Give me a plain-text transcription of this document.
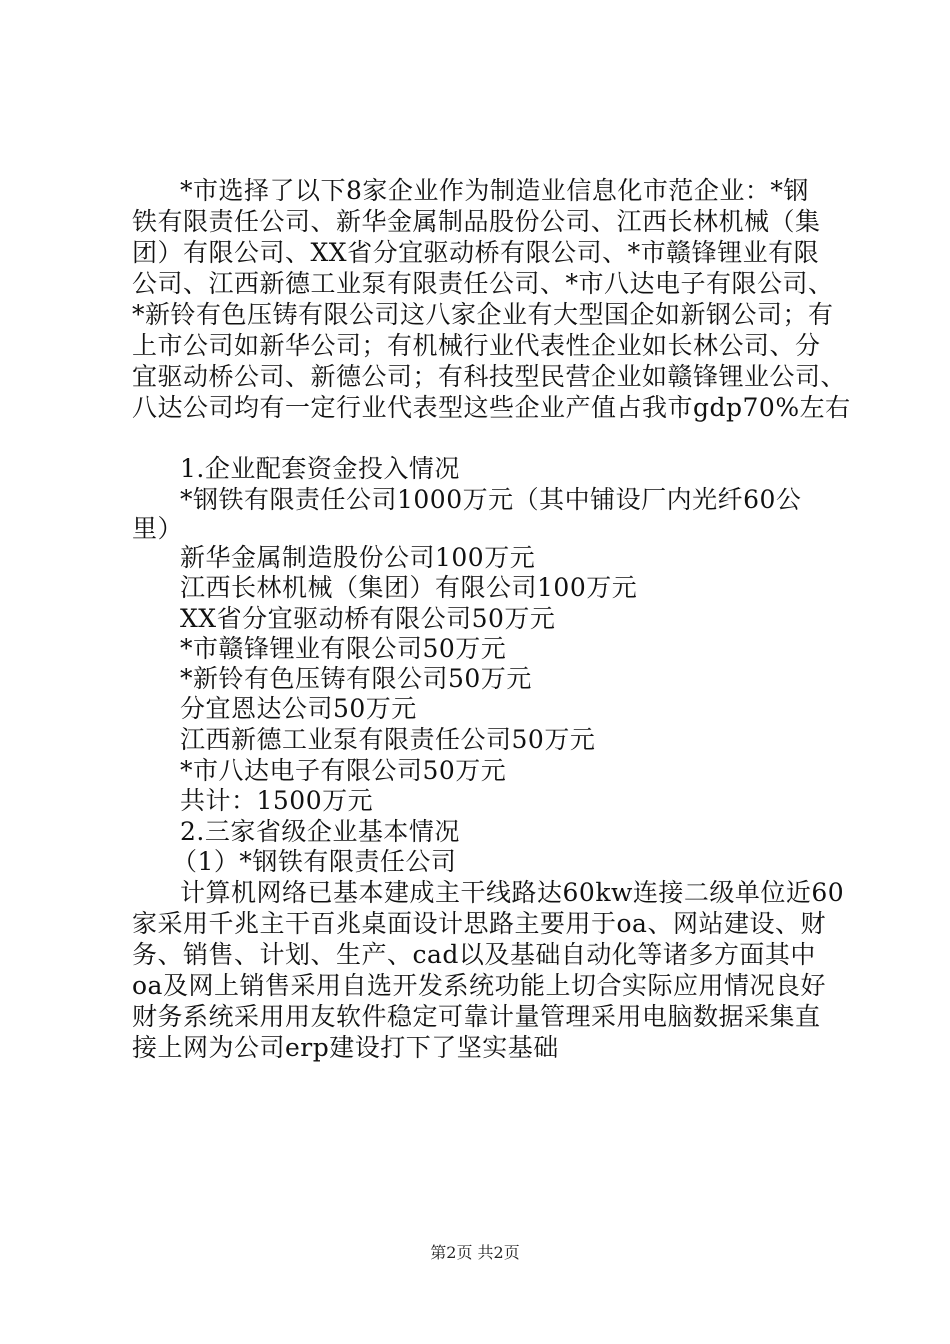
*市选择了以下8家企业作为制造业信息化市范企业：*钢
铁有限责任公司、新华金属制品股份公司、江西长林机械（集
团）有限公司、XX省分宜驱动桥有限公司、*市赣锋锂业有限
公司、江西新德工业泵有限责任公司、*市八达电子有限公司、
*新铃有色压铸有限公司这八家企业有大型国企如新钢公司；有
上市公司如新华公司；有机械行业代表性企业如长林公司、分
宜驱动桥公司、新德公司；有科技型民营企业如赣锋锂业公司、
八达公司均有一定行业代表型这些企业产值占我市gdp70%左右
1.企业配套资金投入情况
*钢铁有限责任公司1000万元（其中铺设厂内光纤60公
里）
新华金属制造股份公司100万元
江西长林机械（集团）有限公司100万元
XX省分宜驱动桥有限公司50万元
*市赣锋锂业有限公司50万元
*新铃有色压铸有限公司50万元
分宜恩达公司50万元
江西新德工业泵有限责任公司50万元
*市八达电子有限公司50万元
共计：1500万元
2.三家省级企业基本情况
（1）*钢铁有限责任公司
计算机网络已基本建成主干线路达60kw连接二级单位近60
家采用千兆主干百兆桌面设计思路主要用于oa、网站建设、财
务、销售、计划、生产、cad以及基础自动化等诸多方面其中
oa及网上销售采用自选开发系统功能上切合实际应用情况良好
财务系统采用用友软件稳定可靠计量管理采用电脑数据采集直
接上网为公司erp建设打下了坚实基础
第2页 共2页
